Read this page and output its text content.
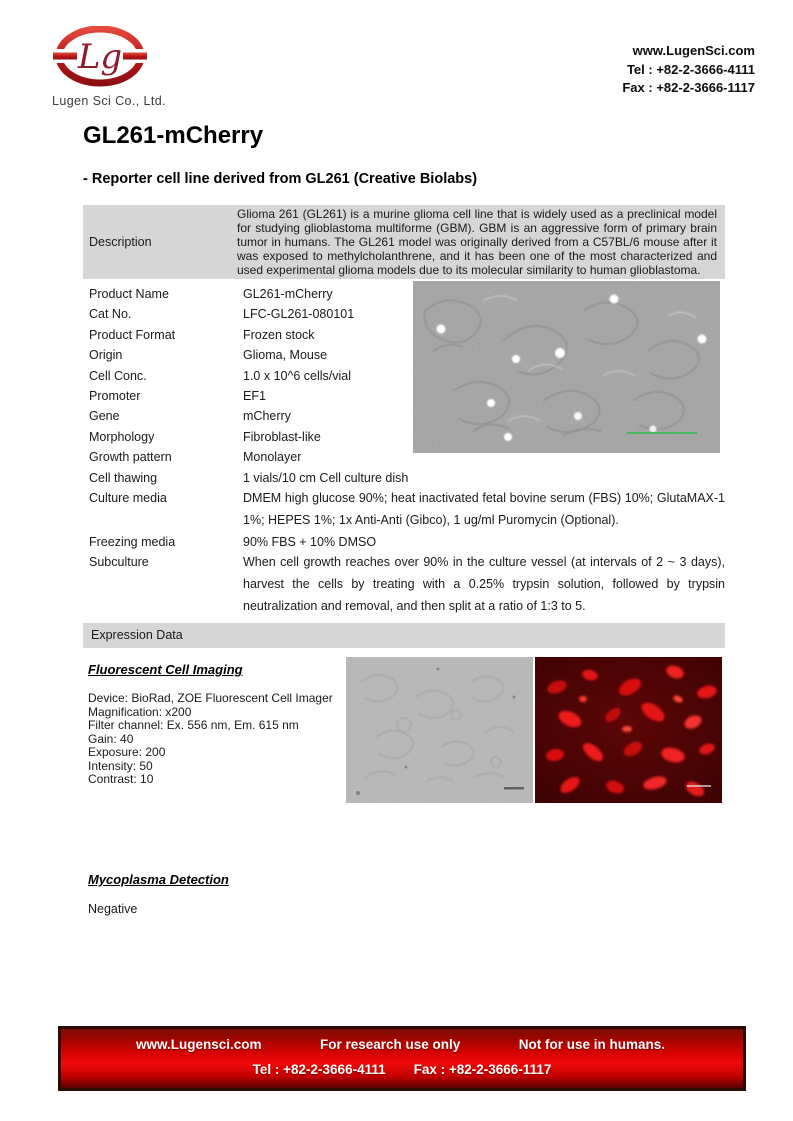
Lg
Lugen Sci Co., Ltd.
www.LugenSci.com
Tel : +82-2-3666-4111
Fax : +82-2-3666-1117
GL261-mCherry
- Reporter cell line derived from GL261 (Creative Biolabs)
Description
Glioma 261 (GL261) is a murine glioma cell line that is widely used as a preclinical model for studying glioblastoma multiforme (GBM). GBM is an aggressive form of primary brain tumor in humans. The GL261 model was originally derived from a C57BL/6 mouse after it was exposed to methylcholanthrene, and it has been one of the most characterized and used experimental glioma models due to its molecular similarity to human glioblastoma.
Product Name	GL261-mCherry
Cat No.	LFC-GL261-080101
Product Format	Frozen stock
Origin	Glioma, Mouse
Cell Conc.	1.0 x 10^6 cells/vial
Promoter	EF1
Gene	mCherry
Morphology	Fibroblast-like
Growth pattern	Monolayer
Cell thawing	1 vials/10 cm Cell culture dish
Culture media	DMEM high glucose 90%; heat inactivated fetal bovine serum (FBS) 10%; GlutaMAX-1 1%; HEPES 1%; 1x Anti-Anti (Gibco), 1 ug/ml Puromycin (Optional).
Freezing media	90% FBS + 10% DMSO
Subculture	When cell growth reaches over 90% in the culture vessel (at intervals of 2 ~ 3 days), harvest the cells by treating with a 0.25% trypsin solution, followed by trypsin neutralization and removal, and then split at a ratio of 1:3 to 5.
Expression Data
Fluorescent Cell Imaging
Device: BioRad, ZOE Fluorescent Cell Imager
Magnification: x200
Filter channel: Ex. 556 nm, Em. 615 nm
Gain: 40
Exposure: 200
Intensity: 50
Contrast: 10
Mycoplasma Detection
Negative
www.Lugensci.com	For research use only	Not for use in humans.
Tel : +82-2-3666-4111 Fax : +82-2-3666-1117
